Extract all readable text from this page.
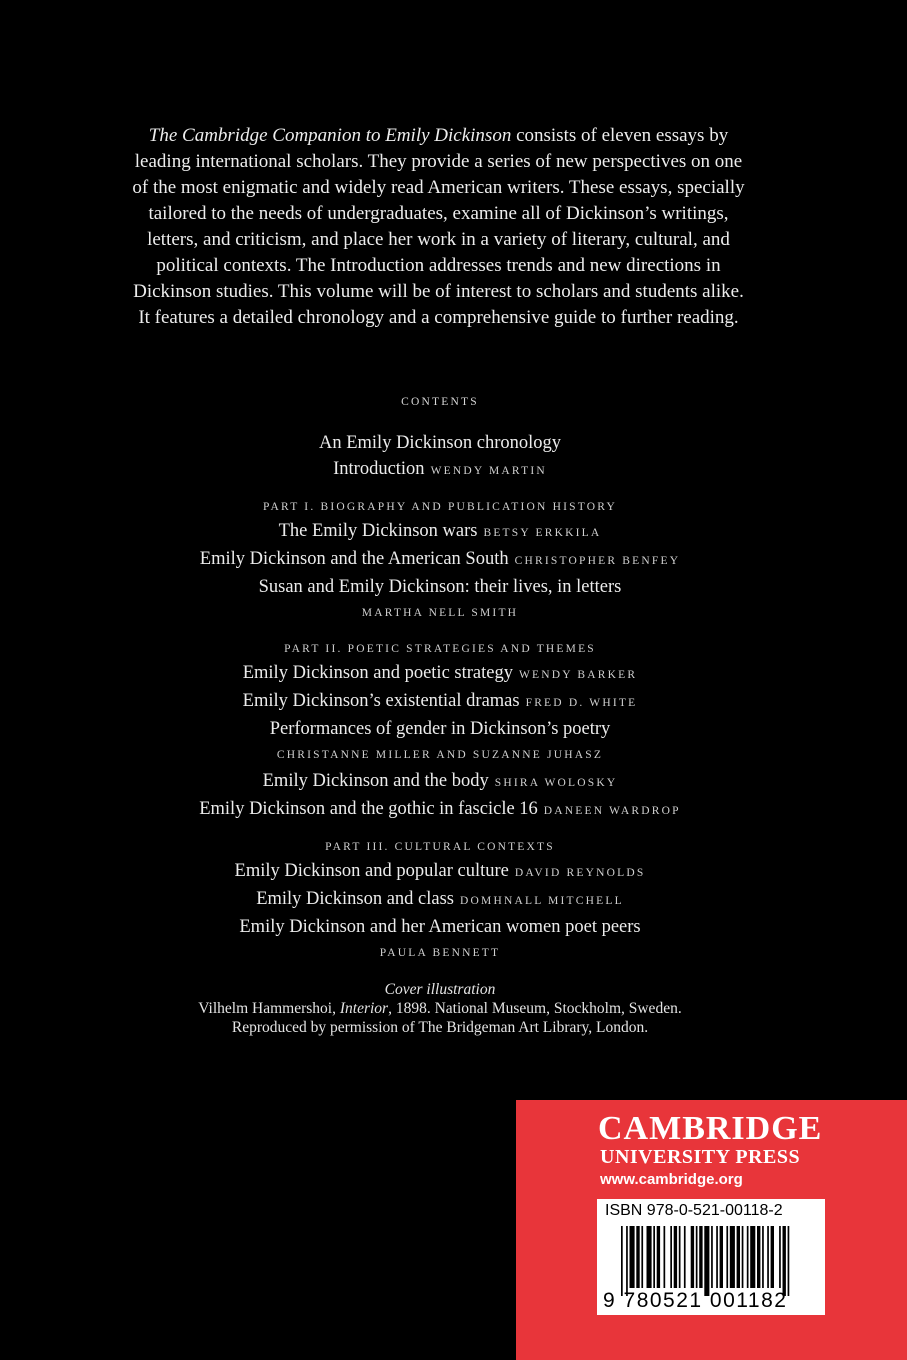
The Cambridge Companion to Emily Dickinson consists of eleven essays by leading international scholars. They provide a series of new perspectives on one of the most enigmatic and widely read American writers. These essays, specially tailored to the needs of undergraduates, examine all of Dickinson’s writings, letters, and criticism, and place her work in a variety of literary, cultural, and political contexts. The Introduction addresses trends and new directions in Dickinson studies. This volume will be of interest to scholars and students alike. It features a detailed chronology and a comprehensive guide to further reading.
CONTENTS
An Emily Dickinson chronology
Introduction WENDY MARTIN
PART I. BIOGRAPHY AND PUBLICATION HISTORY
The Emily Dickinson wars BETSY ERKKILA
Emily Dickinson and the American South CHRISTOPHER BENFEY
Susan and Emily Dickinson: their lives, in letters
MARTHA NELL SMITH
PART II. POETIC STRATEGIES AND THEMES
Emily Dickinson and poetic strategy WENDY BARKER
Emily Dickinson’s existential dramas FRED D. WHITE
Performances of gender in Dickinson’s poetry
CHRISTANNE MILLER AND SUZANNE JUHASZ
Emily Dickinson and the body SHIRA WOLOSKY
Emily Dickinson and the gothic in fascicle 16 DANEEN WARDROP
PART III. CULTURAL CONTEXTS
Emily Dickinson and popular culture DAVID REYNOLDS
Emily Dickinson and class DOMHNALL MITCHELL
Emily Dickinson and her American women poet peers
PAULA BENNETT
Cover illustration
Vilhelm Hammershoi, Interior, 1898. National Museum, Stockholm, Sweden.
Reproduced by permission of The Bridgeman Art Library, London.
CAMBRIDGE
UNIVERSITY PRESS
www.cambridge.org
ISBN 978-0-521-00118-2
9 780521 001182
